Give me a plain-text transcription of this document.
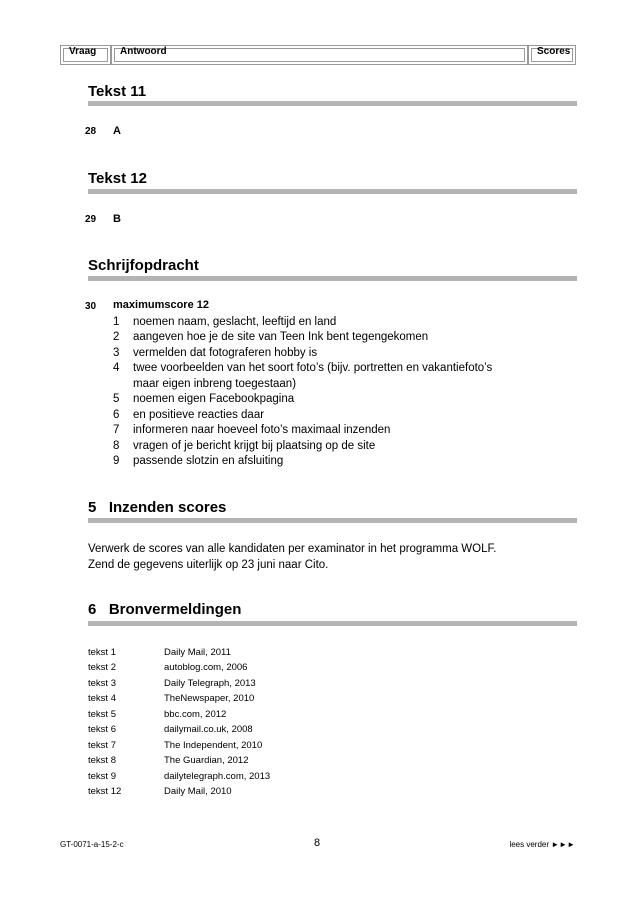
Vraag	Antwoord	Scores
Tekst 11
28 A
Tekst 12
29 B
Schrijfopdracht
30 maximumscore 12
1	noemen naam, geslacht, leeftijd en land
2	aangeven hoe je de site van Teen Ink bent tegengekomen
3	vermelden dat fotograferen hobby is
4	twee voorbeelden van het soort foto’s (bijv. portretten en vakantiefoto’s
maar eigen inbreng toegestaan)
5	noemen eigen Facebookpagina
6	en positieve reacties daar
7	informeren naar hoeveel foto’s maximaal inzenden
8	vragen of je bericht krijgt bij plaatsing op de site
9	passende slotzin en afsluiting
5   Inzenden scores
Verwerk de scores van alle kandidaten per examinator in het programma WOLF.
Zend de gegevens uiterlijk op 23 juni naar Cito.
6   Bronvermeldingen
tekst 1	Daily Mail, 2011
tekst 2	autoblog.com, 2006
tekst 3	Daily Telegraph, 2013
tekst 4	TheNewspaper, 2010
tekst 5	bbc.com, 2012
tekst 6	dailymail.co.uk, 2008
tekst 7	The Independent, 2010
tekst 8	The Guardian, 2012
tekst 9	dailytelegraph.com, 2013
tekst 12	Daily Mail, 2010
GT-0071-a-15-2-c	8	lees verder ►►►
